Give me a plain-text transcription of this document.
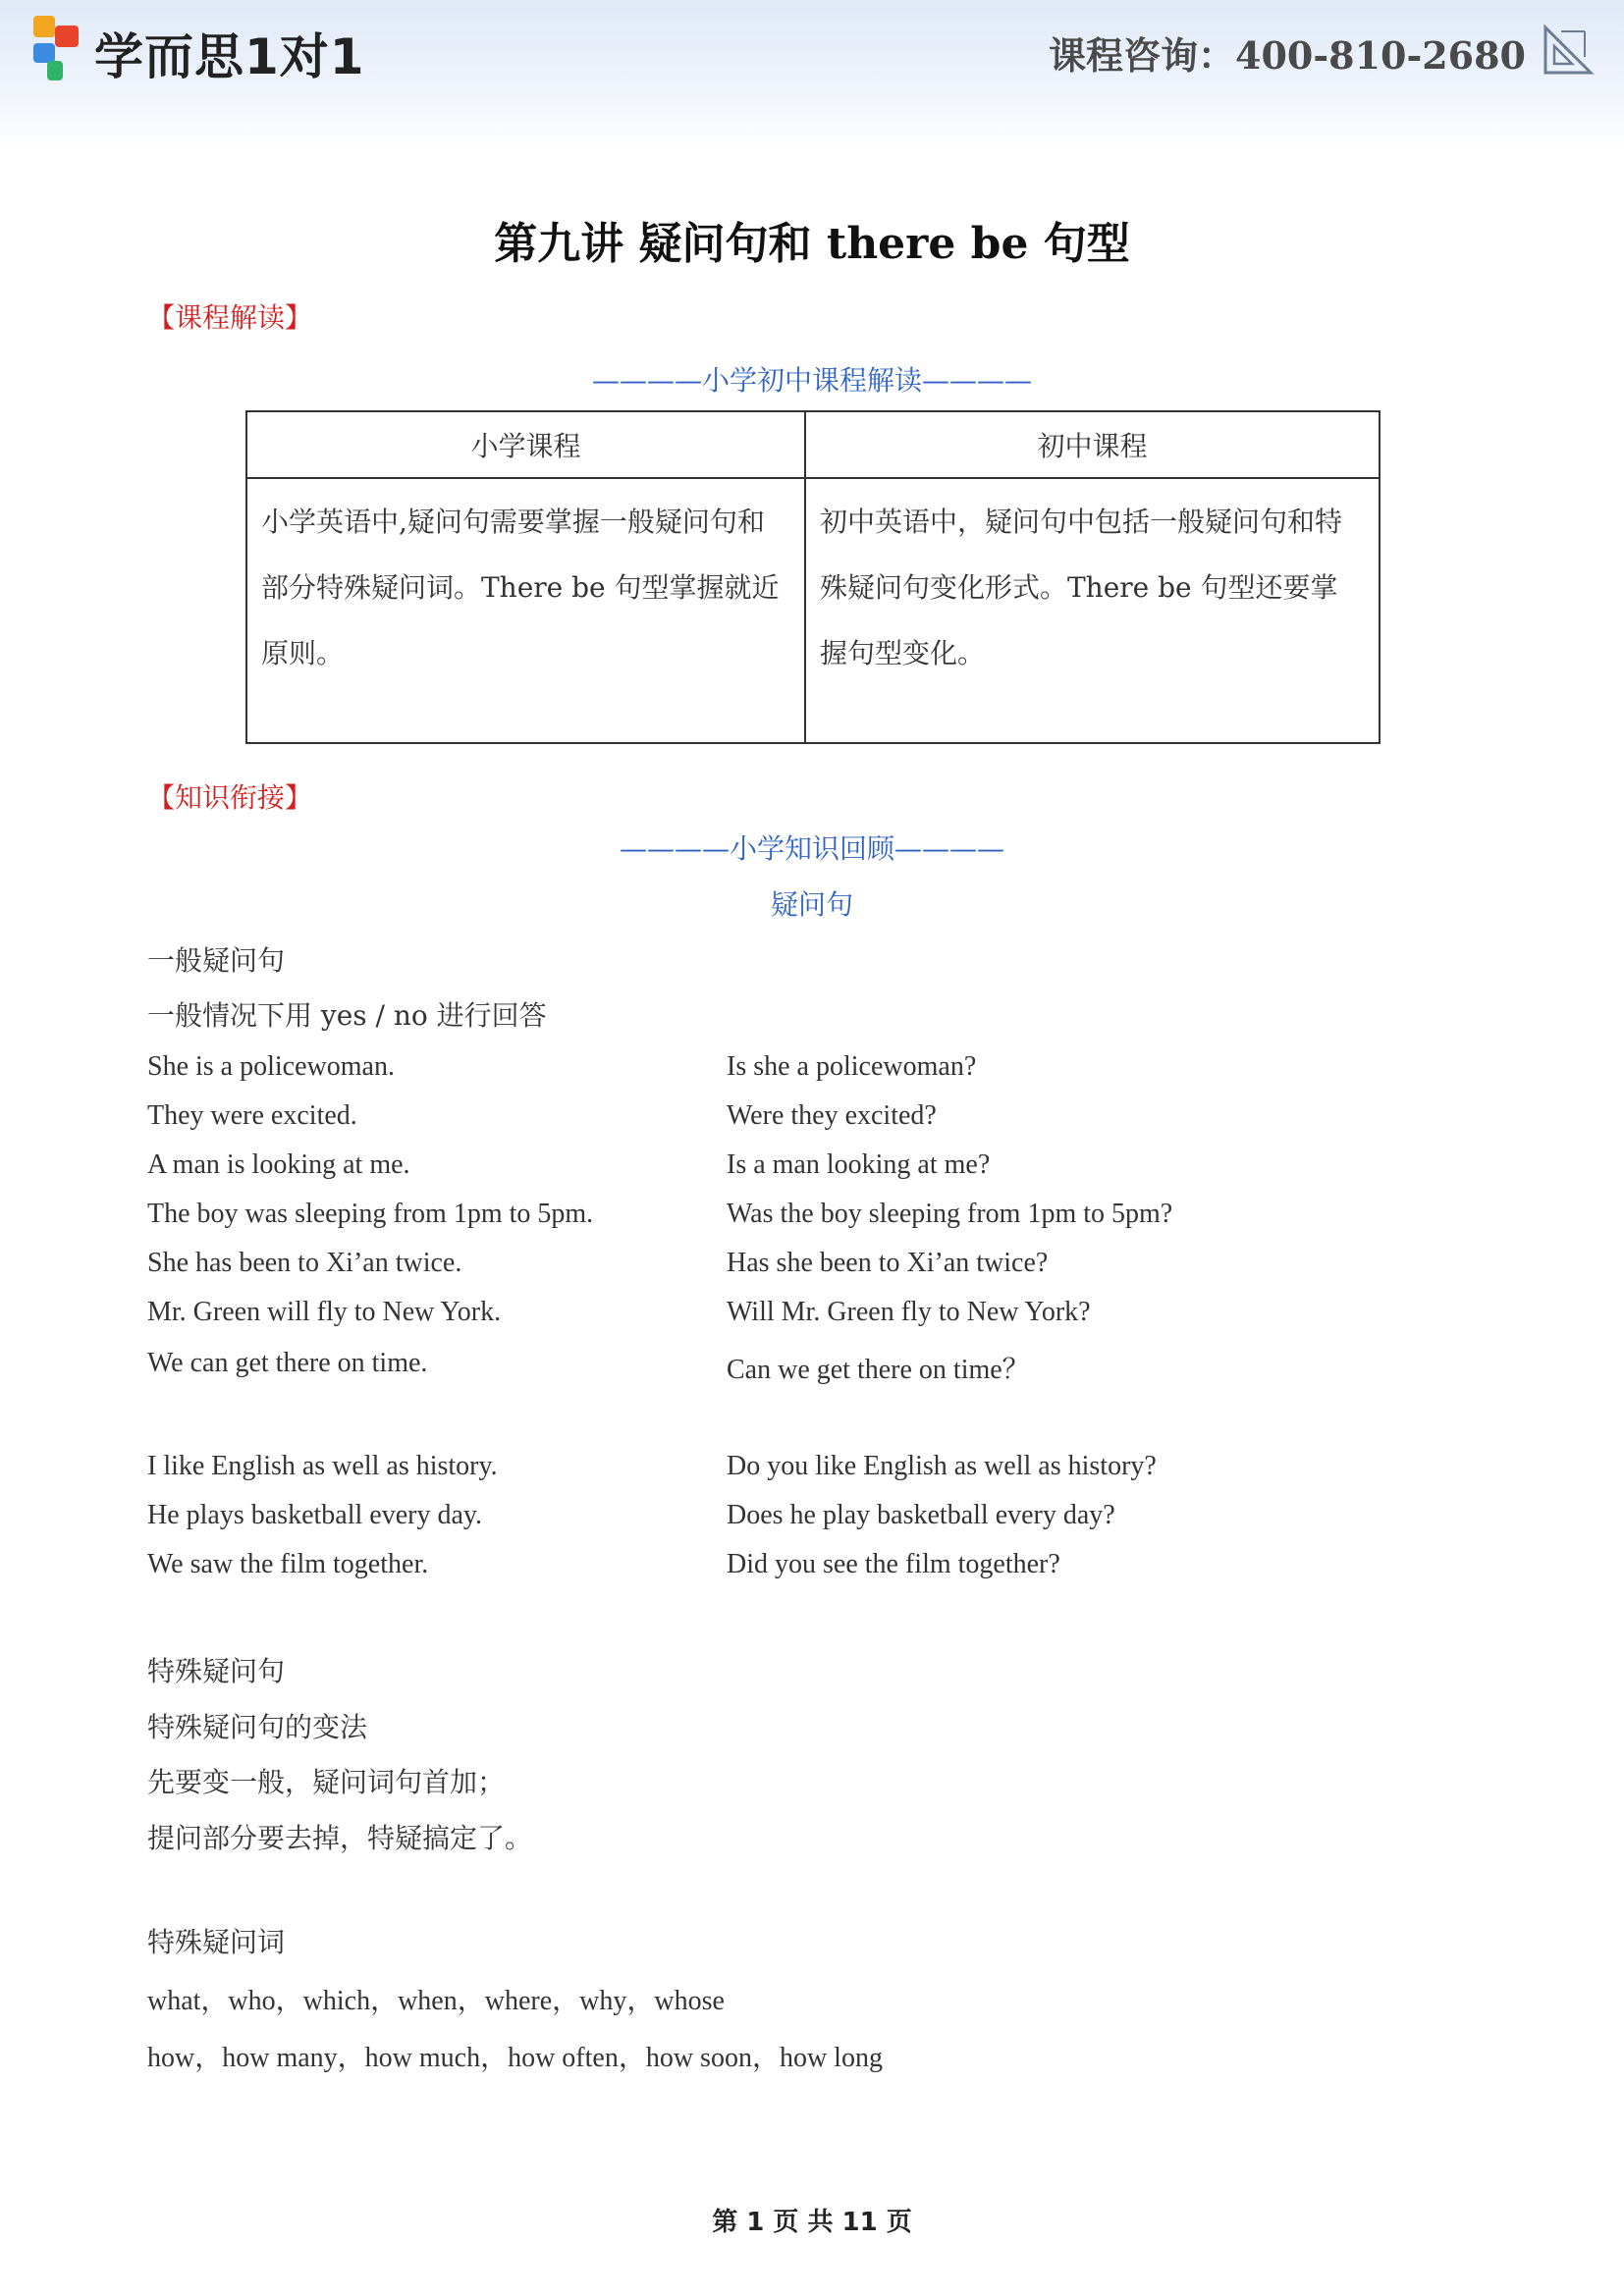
学而思1对1	课程咨询：400-810-2680
第九讲 疑问句和 there be 句型
【课程解读】
————小学初中课程解读————
小学课程	初中课程
小学英语中,疑问句需要掌握一般疑问句和部分特殊疑问词。There be 句型掌握就近原则。	初中英语中，疑问句中包括一般疑问句和特殊疑问句变化形式。There be 句型还要掌握句型变化。
【知识衔接】
————小学知识回顾————
疑问句
一般疑问句
一般情况下用 yes / no 进行回答
She is a policewoman.	Is she a policewoman?
They were excited.	Were they excited?
A man is looking at me.	Is a man looking at me?
The boy was sleeping from 1pm to 5pm.	Was the boy sleeping from 1pm to 5pm?
She has been to Xi’an twice.	Has she been to Xi’an twice?
Mr. Green will fly to New York.	Will Mr. Green fly to New York?
We can get there on time.	Can we get there on time？
I like English as well as history.	Do you like English as well as history?
He plays basketball every day.	Does he play basketball every day?
We saw the film together.	Did you see the film together?
特殊疑问句
特殊疑问句的变法
先要变一般，疑问词句首加；
提问部分要去掉，特疑搞定了。
特殊疑问词
what，who，which，when，where，why，whose
how，how many，how much，how often，how soon，how long
第 1 页 共 11 页
